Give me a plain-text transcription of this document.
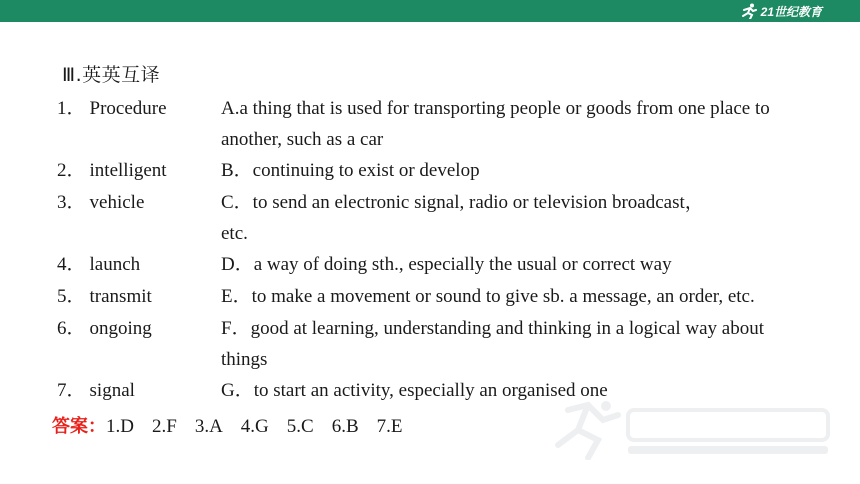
21世纪教育
Ⅲ.英英互译
1． Procedure	A.a thing that is used for transporting people or goods from one place to
another, such as a car
2． intelligent	B．continuing to exist or develop
3． vehicle	C．to send an electronic signal, radio or television broadcast，
etc.
4． launch	D．a way of doing sth., especially the usual or correct way
5． transmit	E．to make a movement or sound to give sb. a message, an order, etc.
6． ongoing	F．good at learning, understanding and thinking in a logical way about
things
7． signal	G．to start an activity, especially an organised one
答案：1.D 2.F 3.A 4.G 5.C 6.B 7.E
